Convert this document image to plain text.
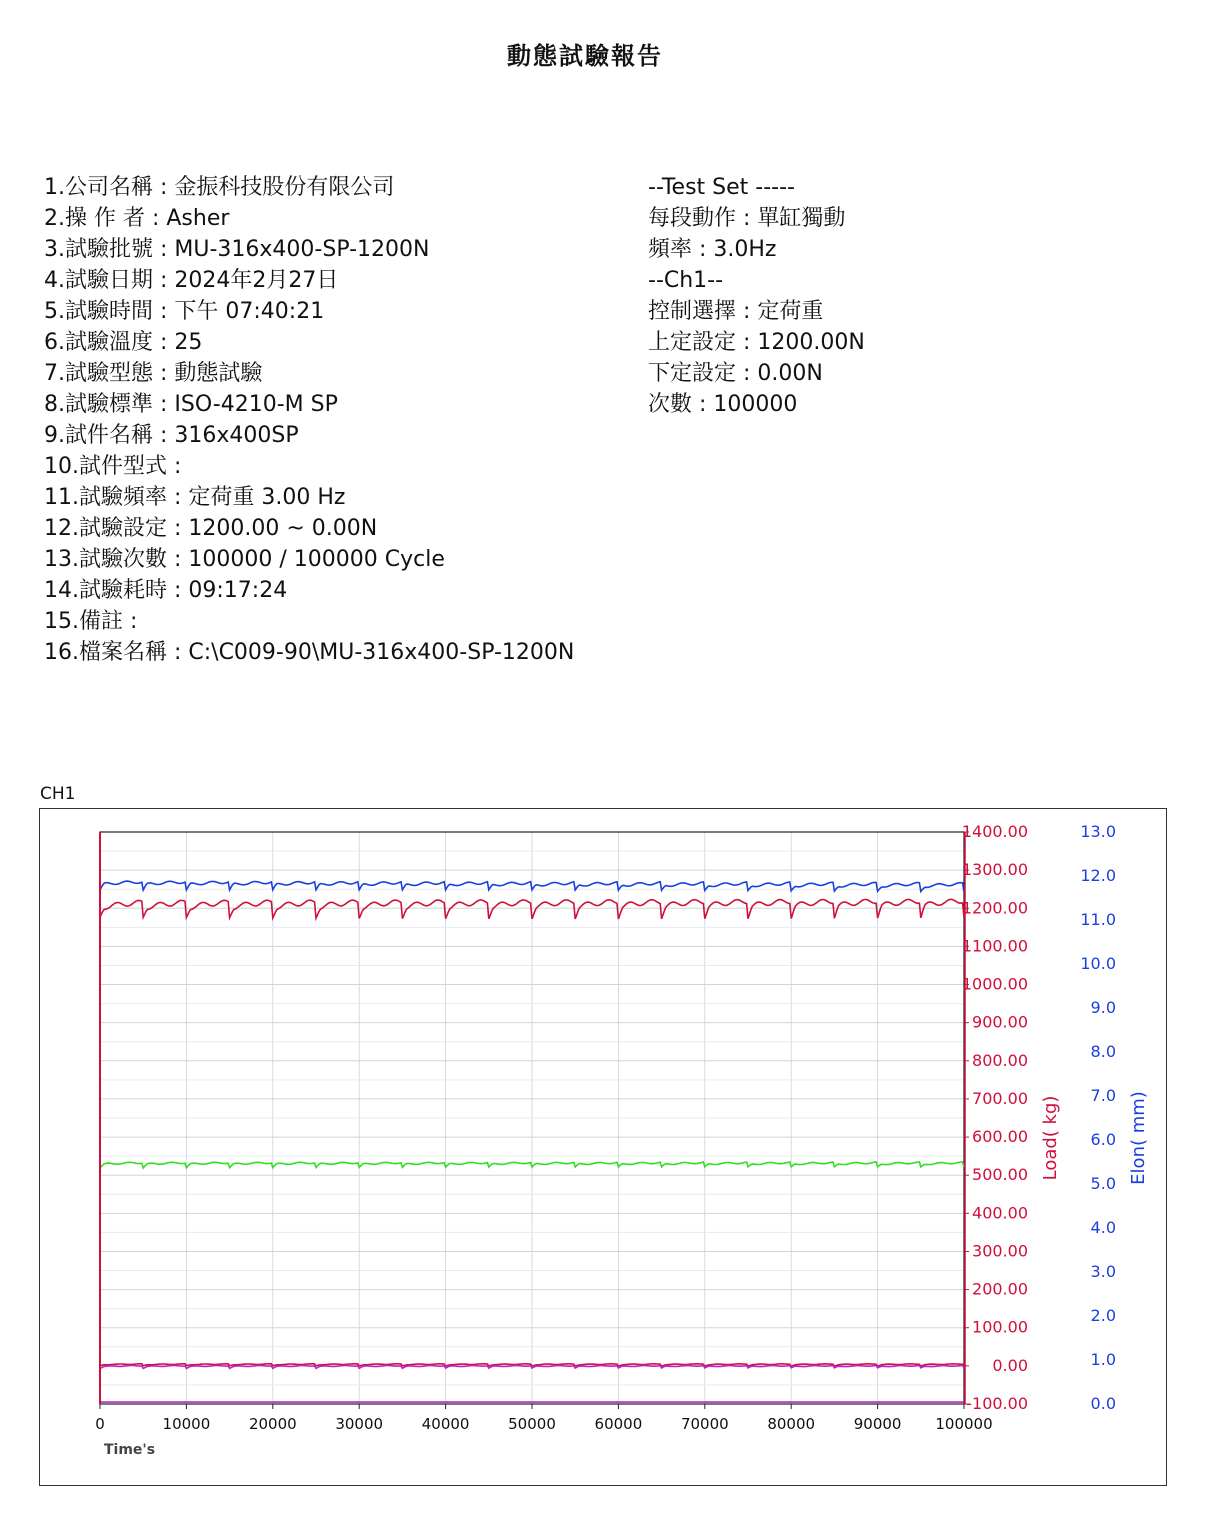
動態試驗報告
1.公司名稱 : 金振科技股份有限公司
2.操 作 者 : Asher
3.試驗批號 : MU-316x400-SP-1200N
4.試驗日期 : 2024年2月27日
5.試驗時間 : 下午 07:40:21
6.試驗溫度 : 25
7.試驗型態 : 動態試驗
8.試驗標準 : ISO-4210-M SP
9.試件名稱 : 316x400SP
10.試件型式 :
11.試驗頻率 : 定荷重 3.00 Hz
12.試驗設定 : 1200.00 ~ 0.00N
13.試驗次數 : 100000 / 100000 Cycle
14.試驗耗時 : 09:17:24
15.備註 :
16.檔案名稱 : C:\C009-90\MU-316x400-SP-1200N
--Test Set -----
每段動作 : 單缸獨動
頻率 : 3.0Hz
--Ch1--
控制選擇 : 定荷重
上定設定 : 1200.00N
下定設定 : 0.00N
次數 : 100000
CH1
0	10000	20000	30000	40000	50000	60000	70000	80000	90000 100000
Time's
1400.00
1300.00
1200.00
1100.00
1000.00
900.00
800.00
700.00
600.00
500.00
400.00
300.00
200.00
100.00
0.00
-100.00
Load( kg)
13.0
12.0
11.0
10.0
9.0
8.0
7.0
6.0
5.0
4.0
3.0
2.0
1.0
0.0
Elon( mm)
